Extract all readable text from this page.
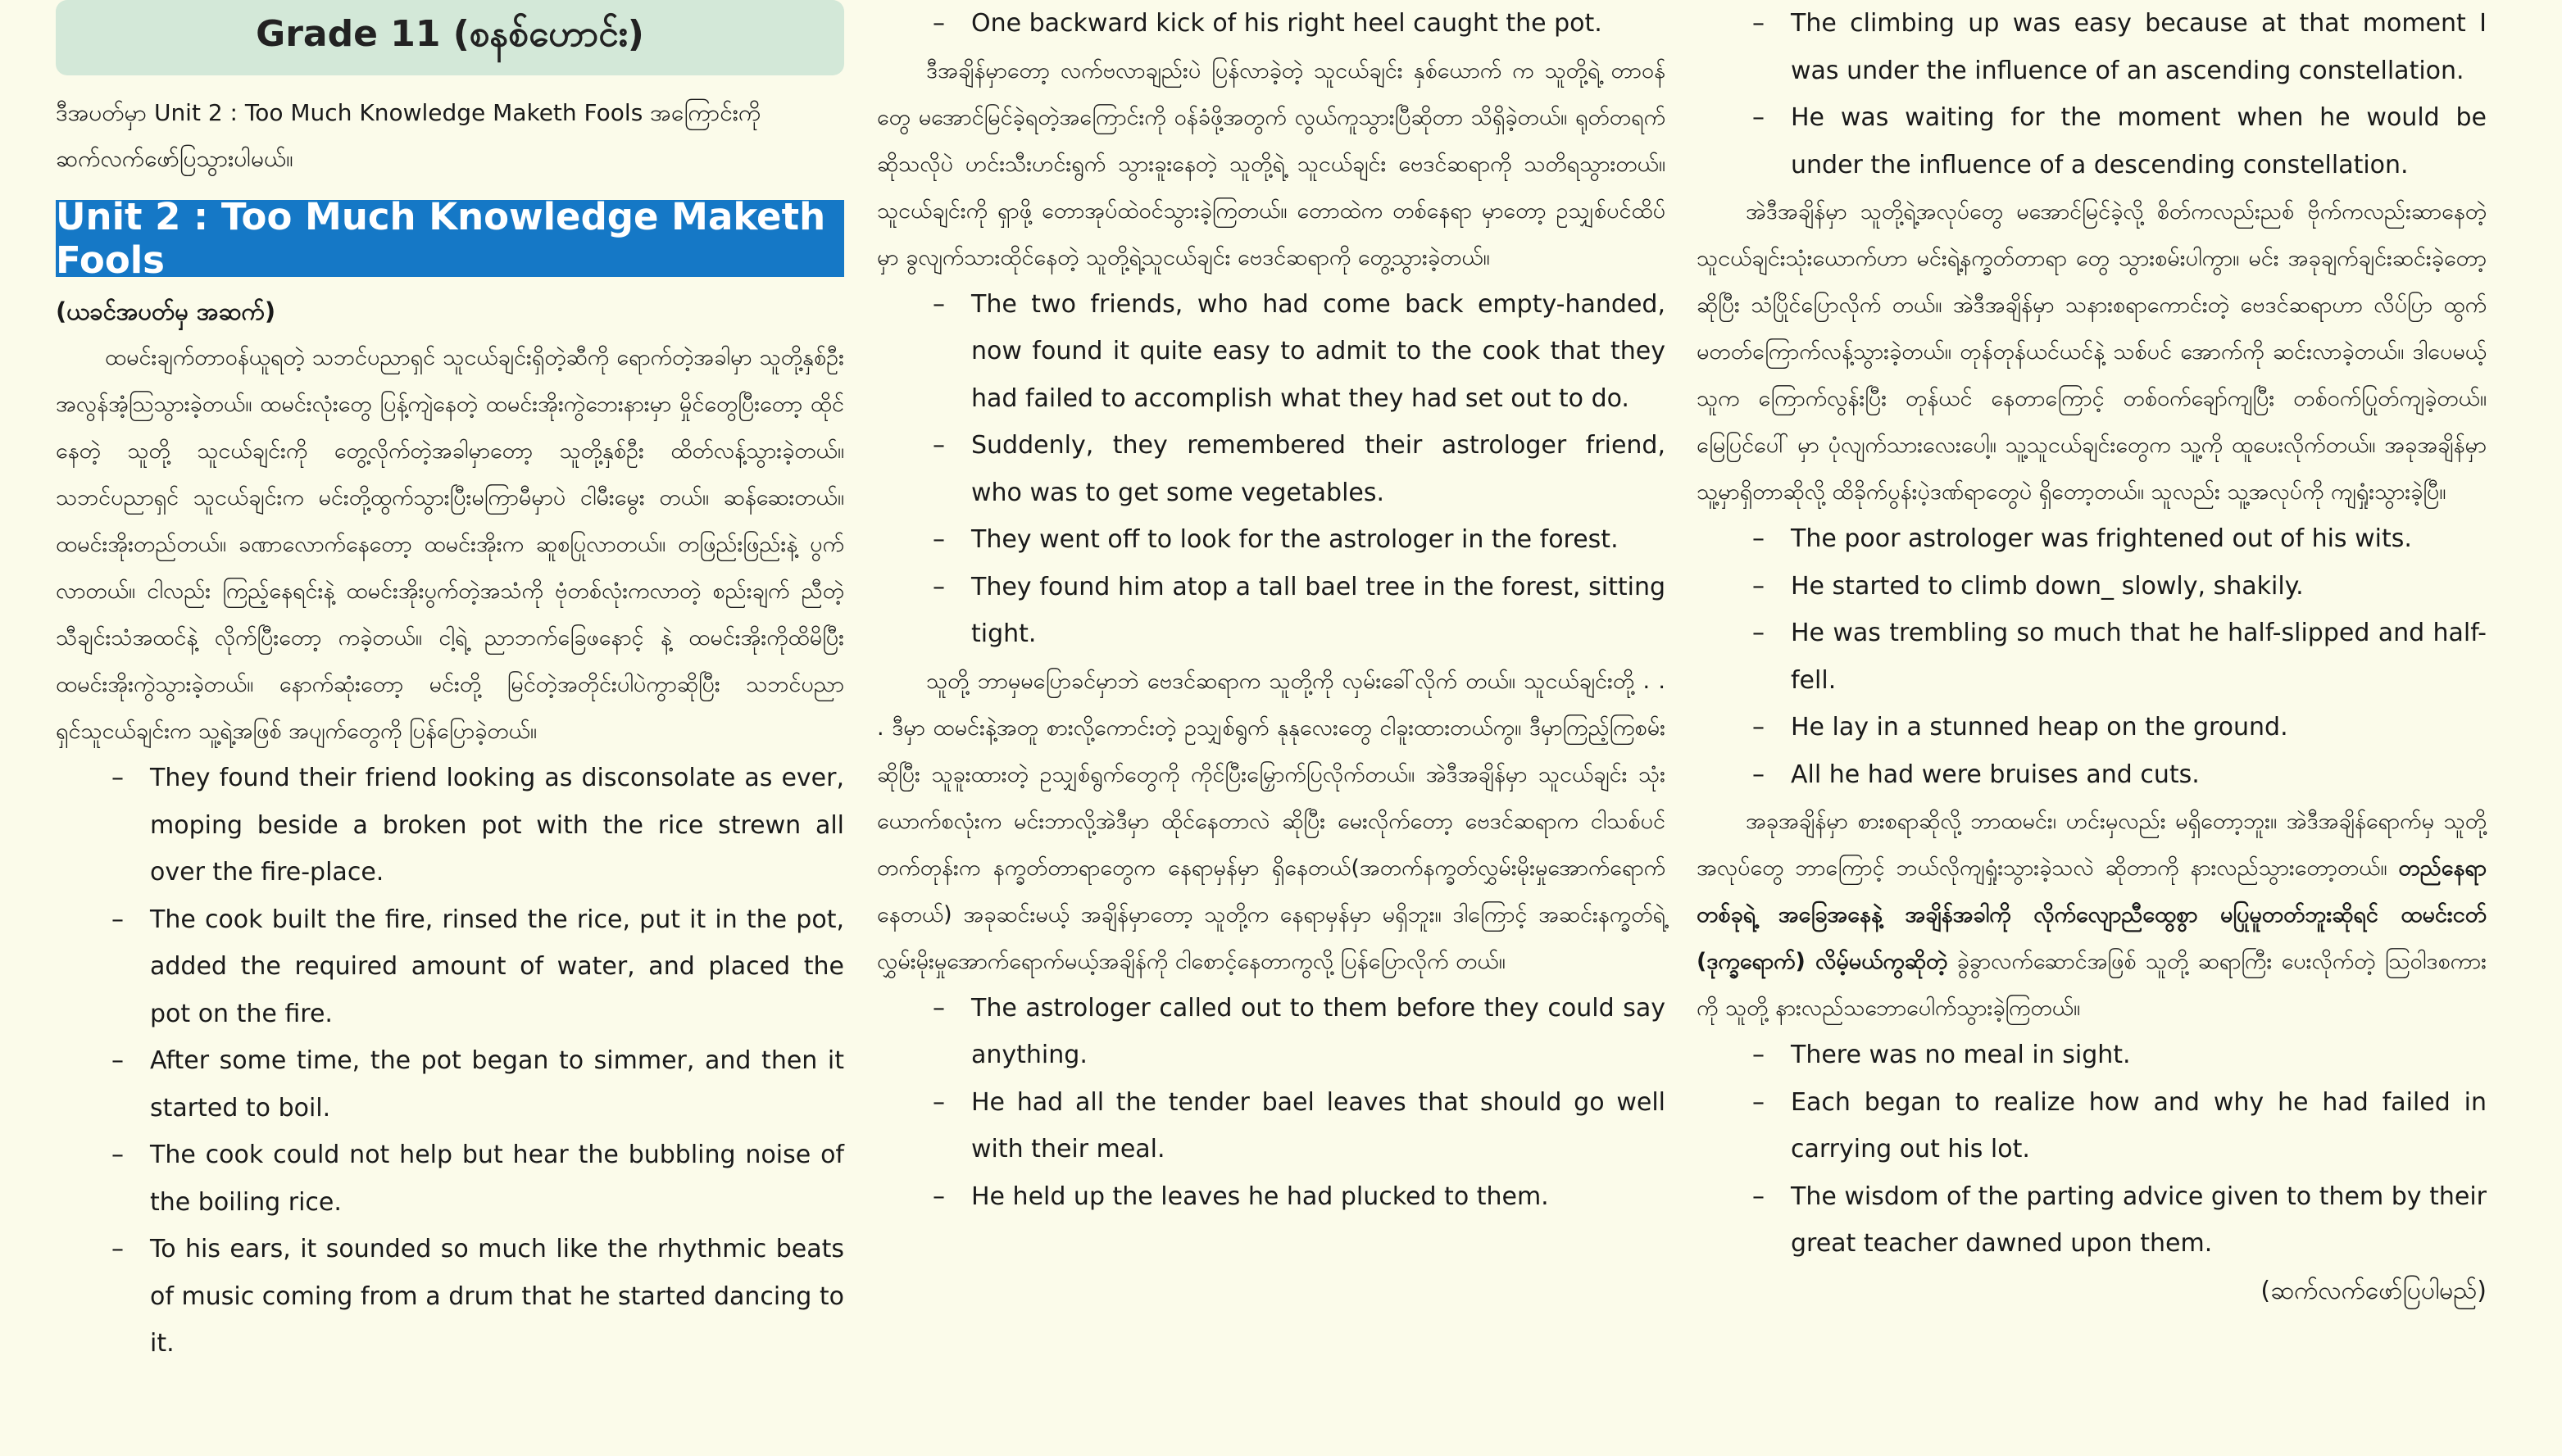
Grade 11 (စနစ်ဟောင်း)
ဒီအပတ်မှာ Unit 2 : Too Much Knowledge Maketh Fools အကြောင်းကို ဆက်လက်ဖော်ပြသွားပါမယ်။
Unit 2 : Too Much Knowledge Maketh Fools
(ယခင်အပတ်မှ အဆက်)

ထမင်းချက်တာဝန်ယူရတဲ့ သဘင်ပညာရှင် သူငယ်ချင်းရှိတဲ့ဆီကို ရောက်တဲ့အခါမှာ သူတို့နှစ်ဦး အလွန်အံ့သြသွားခဲ့တယ်။ ထမင်းလုံးတွေ ပြန့်ကျဲနေတဲ့ ထမင်းအိုးကွဲဘေးနားမှာ မှိုင်တွေပြီးတော့ ထိုင်နေတဲ့ သူတို့ သူငယ်ချင်းကို တွေ့လိုက်တဲ့အခါမှာတော့ သူတို့နှစ်ဦး ထိတ်လန့်သွားခဲ့တယ်။ သဘင်ပညာရှင် သူငယ်ချင်းက မင်းတို့ထွက်သွားပြီးမကြာမီမှာပဲ ငါမီးမွေး တယ်။ ဆန်ဆေးတယ်။ ထမင်းအိုးတည်တယ်။ ခဏာလောက်နေတော့ ထမင်းအိုးက ဆူစပြုလာတယ်။ တဖြည်းဖြည်းနဲ့ ပွက်လာတယ်။ ငါလည်း ကြည့်နေရင်းနဲ့ ထမင်းအိုးပွက်တဲ့အသံကို ဗုံတစ်လုံးကလာတဲ့ စည်းချက် ညီတဲ့ သီချင်းသံအထင်နဲ့ လိုက်ပြီးတော့ ကခဲ့တယ်။ ငါ့ရဲ့ ညာဘက်ခြေဖနောင့် နဲ့ ထမင်းအိုးကိုထိမိပြီး ထမင်းအိုးကွဲသွားခဲ့တယ်။ နောက်ဆုံးတော့ မင်းတို့ မြင်တဲ့အတိုင်းပါပဲကွာဆိုပြီး သဘင်ပညာရှင်သူငယ်ချင်းက သူ့ရဲ့အဖြစ် အပျက်တွေကို ပြန်ပြောခဲ့တယ်။

– They found their friend looking as disconsolate as ever, moping beside a broken pot with the rice strewn all over the fire-place.
– The cook built the fire, rinsed the rice, put it in the pot, added the required amount of water, and placed the pot on the fire.
– After some time, the pot began to simmer, and then it started to boil.
– The cook could not help but hear the bubbling noise of the boiling rice.
– To his ears, it sounded so much like the rhythmic beats of music coming from a drum that he started dancing to it.
– One backward kick of his right heel caught the pot.

ဒီအချိန်မှာတော့ လက်ဗလာချည်းပဲ ပြန်လာခဲ့တဲ့ သူငယ်ချင်း နှစ်ယောက် က သူတို့ရဲ့ တာဝန်တွေ မအောင်မြင်ခဲ့ရတဲ့အကြောင်းကို ဝန်ခံဖို့အတွက် လွယ်ကူသွားပြီဆိုတာ သိရှိခဲ့တယ်။ ရုတ်တရက်ဆိုသလိုပဲ ဟင်းသီးဟင်းရွက် သွားခူးနေတဲ့ သူတို့ရဲ့ သူငယ်ချင်း ဗေဒင်ဆရာကို သတိရသွားတယ်။ သူငယ်ချင်းကို ရှာဖို့ တောအုပ်ထဲဝင်သွားခဲ့ကြတယ်။ တောထဲက တစ်နေရာ မှာတော့ ဥသျှစ်ပင်ထိပ်မှာ ခွလျက်သားထိုင်နေတဲ့ သူတို့ရဲ့သူငယ်ချင်း ဗေဒင်ဆရာကို တွေ့သွားခဲ့တယ်။

– The two friends, who had come back empty-handed, now found it quite easy to admit to the cook that they had failed to accomplish what they had set out to do.
– Suddenly, they remembered their astrologer friend, who was to get some vegetables.
– They went off to look for the astrologer in the forest.
– They found him atop a tall bael tree in the forest, sitting tight.

သူတို့ ဘာမှမပြောခင်မှာဘဲ ဗေဒင်ဆရာက သူတို့ကို လှမ်းခေါ်လိုက် တယ်။ သူငယ်ချင်းတို့ . . . ဒီမှာ ထမင်းနဲ့အတူ စားလို့ကောင်းတဲ့ ဥသျှစ်ရွက် နုနုလေးတွေ ငါခူးထားတယ်ကွ။ ဒီမှာကြည့်ကြစမ်းဆိုပြီး သူခူးထားတဲ့ ဥသျှစ်ရွက်တွေကို ကိုင်ပြီးမြှောက်ပြလိုက်တယ်။ အဲဒီအချိန်မှာ သူငယ်ချင်း သုံးယောက်စလုံးက မင်းဘာလို့အဲဒီမှာ ထိုင်နေတာလဲ ဆိုပြီး မေးလိုက်တော့ ဗေဒင်ဆရာက ငါသစ်ပင်တက်တုန်းက နက္ခတ်တာရာတွေက နေရာမှန်မှာ ရှိနေတယ်(အတက်နက္ခတ်လွှမ်းမိုးမှုအောက်ရောက်နေတယ်) အခုဆင်းမယ့် အချိန်မှာတော့ သူတို့က နေရာမှန်မှာ မရှိဘူး။ ဒါကြောင့် အဆင်းနက္ခတ်ရဲ့ လွှမ်းမိုးမှုအောက်ရောက်မယ့်အချိန်ကို ငါစောင့်နေတာကွလို့ ပြန်ပြောလိုက် တယ်။

– The astrologer called out to them before they could say anything.
– He had all the tender bael leaves that should go well with their meal.
– He held up the leaves he had plucked to them.
– The climbing up was easy because at that moment I was under the influence of an ascending constellation.
– He was waiting for the moment when he would be under the influence of a descending constellation.

အဲဒီအချိန်မှာ သူတို့ရဲ့အလုပ်တွေ မအောင်မြင်ခဲ့လို့ စိတ်ကလည်းညစ် ဗိုက်ကလည်းဆာနေတဲ့ သူငယ်ချင်းသုံးယောက်ဟာ မင်းရဲ့နက္ခတ်တာရာ တွေ သွားစမ်းပါကွာ။ မင်း အခုချက်ချင်းဆင်းခဲ့တော့ဆိုပြီး သံပြိုင်ပြောလိုက် တယ်။ အဲဒီအချိန်မှာ သနားစရာကောင်းတဲ့ ဗေဒင်ဆရာဟာ လိပ်ပြာ ထွက်မတတ်ကြောက်လန့်သွားခဲ့တယ်။ တုန်တုန်ယင်ယင်နဲ့ သစ်ပင် အောက်ကို ဆင်းလာခဲ့တယ်။ ဒါပေမယ့် သူက ကြောက်လွန်းပြီး တုန်ယင် နေတာကြောင့် တစ်ဝက်ချော်ကျပြီး တစ်ဝက်ပြုတ်ကျခဲ့တယ်။ မြေပြင်ပေါ် မှာ ပုံလျက်သားလေးပေါ့။ သူ့သူငယ်ချင်းတွေက သူ့ကို ထူပေးလိုက်တယ်။ အခုအချိန်မှာ သူ့မှာရှိတာဆိုလို့ ထိခိုက်ပွန်းပဲ့ဒဏ်ရာတွေပဲ ရှိတော့တယ်။ သူလည်း သူ့အလုပ်ကို ကျရှုံးသွားခဲ့ပြီ။

– The poor astrologer was frightened out of his wits.
– He started to climb down_ slowly, shakily.
– He was trembling so much that he half-slipped and half-fell.
– He lay in a stunned heap on the ground.
– All he had were bruises and cuts.

အခုအချိန်မှာ စားစရာဆိုလို့ ဘာထမင်း၊ ဟင်းမှလည်း မရှိတော့ဘူး။ အဲဒီအချိန်ရောက်မှ သူတို့အလုပ်တွေ ဘာကြောင့် ဘယ်လိုကျရှုံးသွားခဲ့သလဲ ဆိုတာကို နားလည်သွားတော့တယ်။ တည်နေရာတစ်ခုရဲ့ အခြေအနေနဲ့ အချိန်အခါကို လိုက်လျောညီထွေစွာ မပြုမူတတ်ဘူးဆိုရင် ထမင်းငတ် (ဒုက္ခရောက်) လိမ့်မယ်ကွဆိုတဲ့ ခွဲခွာလက်ဆောင်အဖြစ် သူတို့ ဆရာကြီး ပေးလိုက်တဲ့ သြဝါဒစကားကို သူတို့ နားလည်သဘောပေါက်သွားခဲ့ကြတယ်။

– There was no meal in sight.
– Each began to realize how and why he had failed in carrying out his lot.
– The wisdom of the parting advice given to them by their great teacher dawned upon them.
(ဆက်လက်ဖော်ပြပါမည်)
